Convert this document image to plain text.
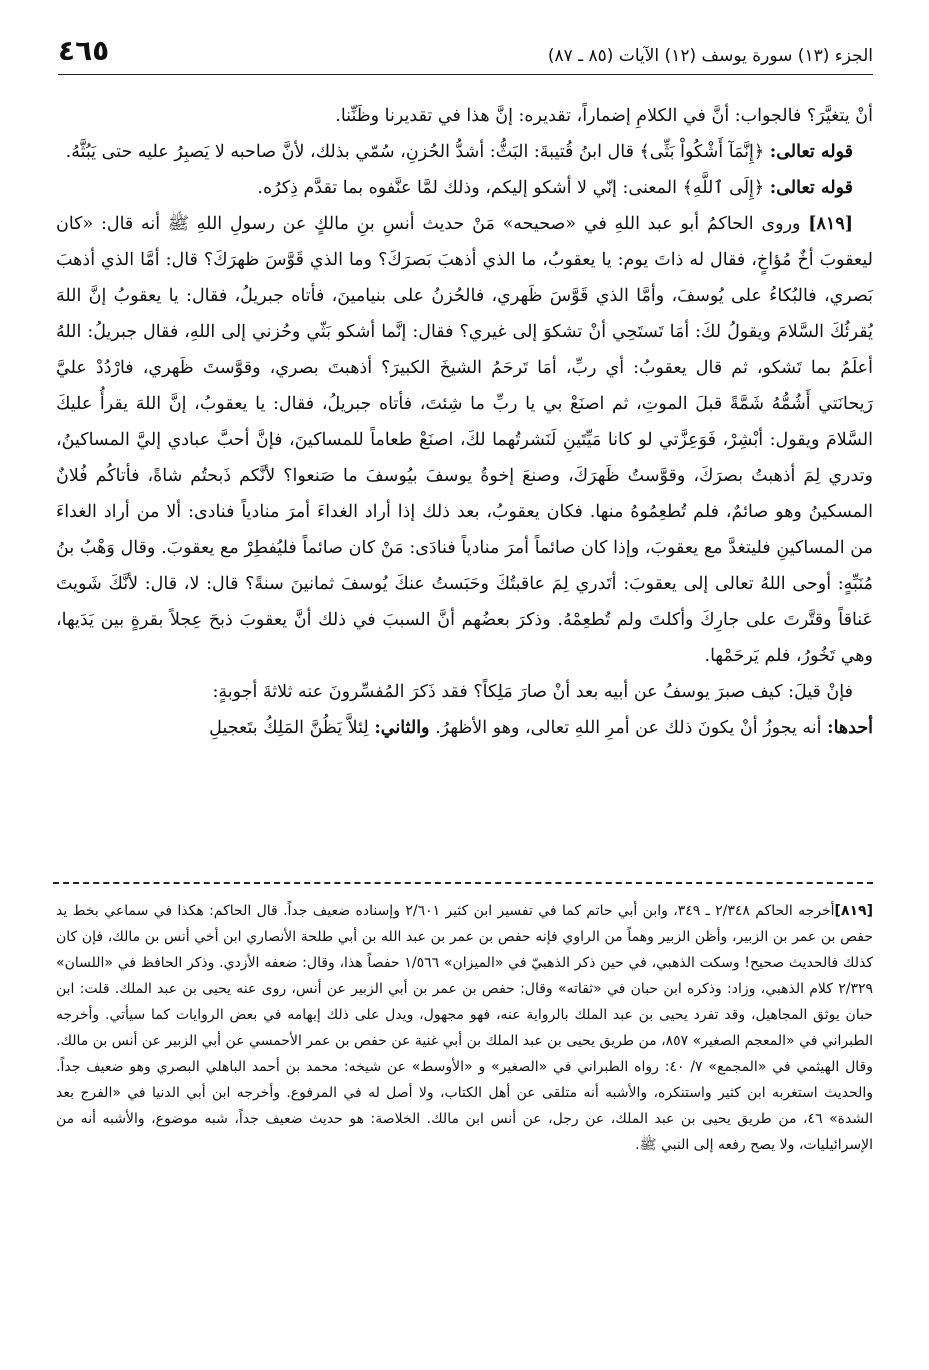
الجزء (١٣) سورة يوسف (١٢) الآيات (٨٥ ـ ٨٧)
٤٦٥

أنْ يتغيَّرَ؟ فالجواب: أنَّ في الكلامِ إضماراً، تقديره: إنَّ هذا في تقديرنا وظَنِّنا.

قوله تعالى: ﴿إِنَّمَآ أَشْكُواْ بَثِّى﴾ قال ابنُ قُتيبةَ: البَثُّ: أشدُّ الحُزنِ، سُمّي بذلك، لأنَّ صاحبه لا يَصبِرُ عليه حتى يَبُثَّهُ.

قوله تعالى: ﴿إِلَى ٱللَّهِ﴾ المعنى: إنّي لا أشكو إليكم، وذلك لمَّا عنَّفوه بما تقدَّم ذِكرُه.

[٨١٩] وروى الحاكمُ أبو عبد اللهِ في «صحيحه» مَنْ حديث أنسِ بنِ مالكٍ عن رسولِ اللهِ ﷺ أنه قال: «كان ليعقوبَ أخٌ مُؤاخٍ، فقال له ذاتَ يوم: يا يعقوبُ، ما الذي أذهبَ بَصرَكَ؟ وما الذي قَوَّسَ ظهرَكَ؟ قال: أمَّا الذي أذهبَ بَصري، فالبُكاءُ على يُوسفَ، وأمَّا الذي قَوَّسَ ظَهري، فالحُزنُ على بنيامينَ، فأتاه جبريلُ، فقال: يا يعقوبُ إنَّ اللهَ يُقرئُكَ السَّلامَ ويقولُ لكَ: أمَا تَستَحِي أنْ تشكوَ إلى غيري؟ فقال: إنَّما أشكو بَثّي وحُزني إلى اللهِ، فقال جبريلُ: اللهُ أعلَمُ بما تَشكو، ثم قال يعقوبُ: أي ربِّ، أمَا تَرحَمُ الشيخَ الكبيرَ؟ أذهبتَ بصري، وقوَّستَ ظَهري، فارْدُدْ عليَّ رَيحانَتي أَشُمُّهُ شَمَّةً قبلَ الموتِ، ثم اصنَعْ بي يا ربِّ ما شِئتَ، فأتاه جبريلُ، فقال: يا يعقوبُ، إنَّ اللهَ يقرأُ عليكَ السَّلامَ ويقول: أبْشِرْ، فَوَعِزَّتي لو كانا مَيِّتَينِ لَنَشرتُهما لكَ، اصنَعْ طعاماً للمساكينَ، فإنَّ أحبَّ عبادي إليَّ المساكينُ، وتدري لِمَ أذهبتُ بصرَكَ، وقوَّستُ ظَهرَكَ، وصنعَ إخوةُ يوسفَ بيُوسفَ ما صَنعوا؟ لأنَّكم ذَبحتُم شاةً، فأتاكُم فُلانٌ المسكينُ وهو صائمٌ، فلم تُطعِمُوهُ منها. فكان يعقوبُ، بعد ذلك إذا أراد الغداءَ أمرَ منادياً فنادى: ألا من أراد الغداءَ من المساكينِ فليتغدَّ مع يعقوبَ، وإذا كان صائماً أمرَ منادياً فنادَى: مَنْ كان صائماً فليُفطِرْ مع يعقوبَ. وقال وَهْبُ بنُ مُنَبِّهٍ: أوحى اللهُ تعالى إلى يعقوبَ: أتَدري لِمَ عاقبتُكَ وحَبَستُ عنكَ يُوسفَ ثمانينَ سنةً؟ قال: لا، قال: لأنَّكَ شَويتَ عَناقاً وقتَّرتَ على جارِكَ وأكلتَ ولم تُطعِمْهُ. وذكرَ بعضُهم أنَّ السببَ في ذلك أنَّ يعقوبَ ذبحَ عِجلاً بقرةٍ بين يَدَيها، وهي تَخُورُ، فلم يَرحَمْها.

فإنْ قيلَ: كيف صبرَ يوسفُ عن أبيه بعد أنْ صارَ مَلِكاً؟ فقد ذَكرَ المُفسِّرونَ عنه ثلاثةَ أجوبةٍ:

أحدها: أنه يجوزُ أنْ يكونَ ذلك عن أمرِ اللهِ تعالى، وهو الأظهرُ. والثاني: لِئلاَّ يَظُنَّ المَلِكُ بتَعجيلِ

[٨١٩]أخرجه الحاكم ٢/٣٤٨ ـ ٣٤٩، وابن أبي حاتم كما في تفسير ابن كثير ٢/٦٠١ وإسناده ضعيف جداً. قال الحاكم: هكذا في سماعي بخط يد حفص بن عمر بن الزبير، وأظن الزبير وهماً من الراوي فإنه حفص بن عمر بن عبد الله بن أبي طلحة الأنصاري ابن أخي أنس بن مالك، فإن كان كذلك فالحديث صحيح! وسكت الذهبي، في حين ذكر الذهبيّ في «الميزان» ١/٥٦٦ حفصاً هذا، وقال: ضعفه الأزدي. وذكر الحافظ في «اللسان» ٢/٣٢٩ كلام الذهبي، وزاد: وذكره ابن حبان في «ثقاته» وقال: حفص بن عمر بن أبي الزبير عن أنس، روى عنه يحيى بن عبد الملك. قلت: ابن حبان يوثق المجاهيل، وقد تفرد يحيى بن عبد الملك بالرواية عنه، فهو مجهول، ويدل على ذلك إبهامه في بعض الروايات كما سيأتي. وأخرجه الطبراني في «المعجم الصغير» ٨٥٧، من طريق يحيى بن عبد الملك بن أبي غنية عن حفص بن عمر الأحمسي عن أبي الزبير عن أنس بن مالك. وقال الهيثمي في «المجمع» ٧/ ٤٠: رواه الطبراني في «الصغير» و «الأوسط» عن شيخه: محمد بن أحمد الباهلي البصري وهو ضعيف جداً. والحديث استغربه ابن كثير واستنكره، والأشبه أنه متلقى عن أهل الكتاب، ولا أصل له في المرفوع. وأخرجه ابن أبي الدنيا في «الفرج بعد الشدة» ٤٦، من طريق يحيى بن عبد الملك، عن رجل، عن أنس ابن مالك. الخلاصة: هو حديث ضعيف جداً، شبه موضوع، والأشبه أنه من الإسرائيليات، ولا يصح رفعه إلى النبي ﷺ.
